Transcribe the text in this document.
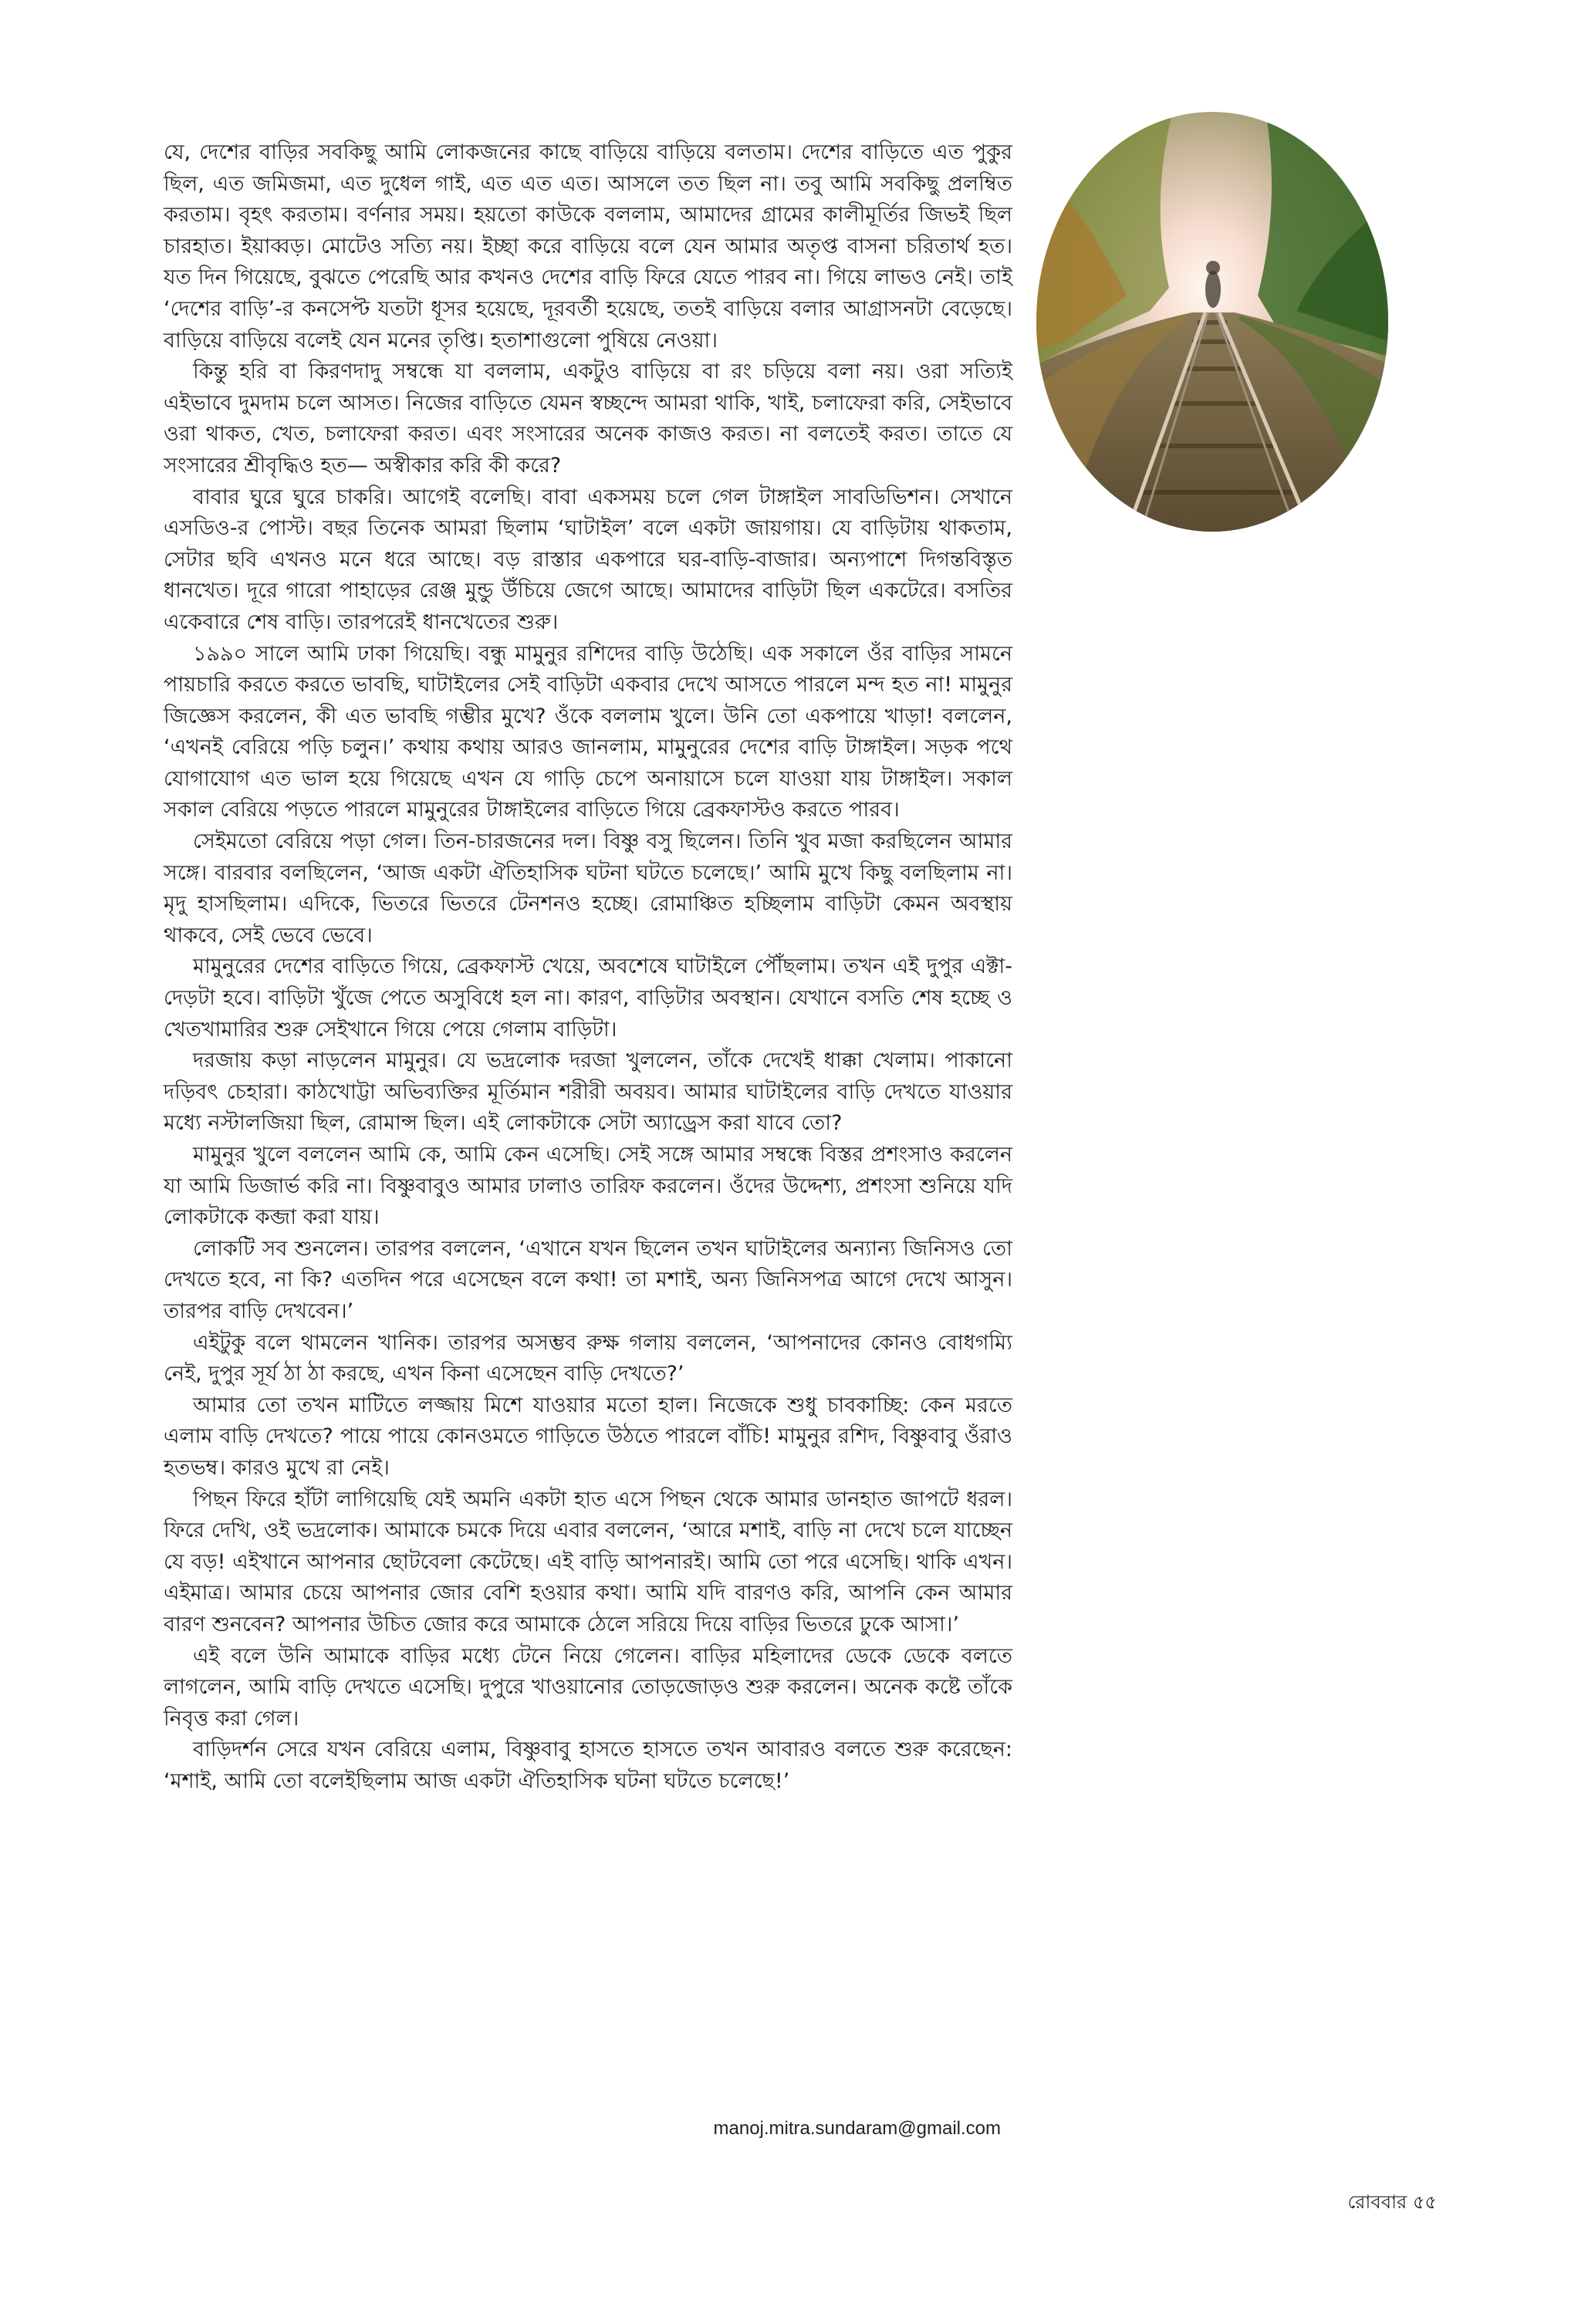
যে, দেশের বাড়ির সবকিছু আমি লোকজনের কাছে বাড়িয়ে বাড়িয়ে বলতাম। দেশের বাড়িতে এত পুকুর ছিল, এত জমিজমা, এত দুধেল গাই, এত এত এত। আসলে তত ছিল না। তবু আমি সবকিছু প্রলম্বিত করতাম। বৃহৎ করতাম। বর্ণনার সময়। হয়তো কাউকে বললাম, আমাদের গ্রামের কালীমূর্তির জিভই ছিল চারহাত। ইয়াব্বড়। মোটেও সত্যি নয়। ইচ্ছা করে বাড়িয়ে বলে যেন আমার অতৃপ্ত বাসনা চরিতার্থ হত। যত দিন গিয়েছে, বুঝতে পেরেছি আর কখনও দেশের বাড়ি ফিরে যেতে পারব না। গিয়ে লাভও নেই। তাই ‘দেশের বাড়ি’-র কনসেপ্ট যতটা ধূসর হয়েছে, দূরবর্তী হয়েছে, ততই বাড়িয়ে বলার আগ্রাসনটা বেড়েছে। বাড়িয়ে বাড়িয়ে বলেই যেন মনের তৃপ্তি। হতাশাগুলো পুষিয়ে নেওয়া।

কিন্তু হরি বা কিরণদাদু সম্বন্ধে যা বললাম, একটুও বাড়িয়ে বা রং চড়িয়ে বলা নয়। ওরা সত্যিই এইভাবে দুমদাম চলে আসত। নিজের বাড়িতে যেমন স্বচ্ছন্দে আমরা থাকি, খাই, চলাফেরা করি, সেইভাবে ওরা থাকত, খেত, চলাফেরা করত। এবং সংসারের অনেক কাজও করত। না বলতেই করত। তাতে যে সংসারের শ্রীবৃদ্ধিও হত— অস্বীকার করি কী করে?

বাবার ঘুরে ঘুরে চাকরি। আগেই বলেছি। বাবা একসময় চলে গেল টাঙ্গাইল সাবডিভিশন। সেখানে এসডিও-র পোস্ট। বছর তিনেক আমরা ছিলাম ‘ঘাটাইল’ বলে একটা জায়গায়। যে বাড়িটায় থাকতাম, সেটার ছবি এখনও মনে ধরে আছে। বড় রাস্তার একপারে ঘর-বাড়ি-বাজার। অন্যপাশে দিগন্তবিস্তৃত ধানখেত। দূরে গারো পাহাড়ের রেঞ্জ মুন্ডু উঁচিয়ে জেগে আছে। আমাদের বাড়িটা ছিল একটেরে। বসতির একেবারে শেষ বাড়ি। তারপরেই ধানখেতের শুরু।

১৯৯০ সালে আমি ঢাকা গিয়েছি। বন্ধু মামুনুর রশিদের বাড়ি উঠেছি। এক সকালে ওঁর বাড়ির সামনে পায়চারি করতে করতে ভাবছি, ঘাটাইলের সেই বাড়িটা একবার দেখে আসতে পারলে মন্দ হত না! মামুনুর জিজ্ঞেস করলেন, কী এত ভাবছি গম্ভীর মুখে? ওঁকে বললাম খুলে। উনি তো একপায়ে খাড়া! বললেন, ‘এখনই বেরিয়ে পড়ি চলুন।’ কথায় কথায় আরও জানলাম, মামুনুরের দেশের বাড়ি টাঙ্গাইল। সড়ক পথে যোগাযোগ এত ভাল হয়ে গিয়েছে এখন যে গাড়ি চেপে অনায়াসে চলে যাওয়া যায় টাঙ্গাইল। সকাল সকাল বেরিয়ে পড়তে পারলে মামুনুরের টাঙ্গাইলের বাড়িতে গিয়ে ব্রেকফাস্টও করতে পারব।

সেইমতো বেরিয়ে পড়া গেল। তিন-চারজনের দল। বিষ্ণু বসু ছিলেন। তিনি খুব মজা করছিলেন আমার সঙ্গে। বারবার বলছিলেন, ‘আজ একটা ঐতিহাসিক ঘটনা ঘটতে চলেছে।’ আমি মুখে কিছু বলছিলাম না। মৃদু হাসছিলাম। এদিকে, ভিতরে ভিতরে টেনশনও হচ্ছে। রোমাঞ্চিত হচ্ছিলাম বাড়িটা কেমন অবস্থায় থাকবে, সেই ভেবে ভেবে।

মামুনুরের দেশের বাড়িতে গিয়ে, ব্রেকফাস্ট খেয়ে, অবশেষে ঘাটাইলে পৌঁছলাম। তখন এই দুপুর এক্টা-দেড়টা হবে। বাড়িটা খুঁজে পেতে অসুবিধে হল না। কারণ, বাড়িটার অবস্থান। যেখানে বসতি শেষ হচ্ছে ও খেতখামারির শুরু সেইখানে গিয়ে পেয়ে গেলাম বাড়িটা।

দরজায় কড়া নাড়লেন মামুনুর। যে ভদ্রলোক দরজা খুললেন, তাঁকে দেখেই ধাক্কা খেলাম। পাকানো দড়িবৎ চেহারা। কাঠখোট্টা অভিব্যক্তির মূর্তিমান শরীরী অবয়ব। আমার ঘাটাইলের বাড়ি দেখতে যাওয়ার মধ্যে নস্টালজিয়া ছিল, রোমান্স ছিল। এই লোকটাকে সেটা অ্যাড্রেস করা যাবে তো?

মামুনুর খুলে বললেন আমি কে, আমি কেন এসেছি। সেই সঙ্গে আমার সম্বন্ধে বিস্তর প্রশংসাও করলেন যা আমি ডিজার্ভ করি না। বিষ্ণুবাবুও আমার ঢালাও তারিফ করলেন। ওঁদের উদ্দেশ্য, প্রশংসা শুনিয়ে যদি লোকটাকে কব্জা করা যায়।

লোকটি সব শুনলেন। তারপর বললেন, ‘এখানে যখন ছিলেন তখন ঘাটাইলের অন্যান্য জিনিসও তো দেখতে হবে, না কি? এতদিন পরে এসেছেন বলে কথা! তা মশাই, অন্য জিনিসপত্র আগে দেখে আসুন। তারপর বাড়ি দেখবেন।’

এইটুকু বলে থামলেন খানিক। তারপর অসম্ভব রুক্ষ গলায় বললেন, ‘আপনাদের কোনও বোধগম্যি নেই, দুপুর সূর্য ঠা ঠা করছে, এখন কিনা এসেছেন বাড়ি দেখতে?’

আমার তো তখন মাটিতে লজ্জায় মিশে যাওয়ার মতো হাল। নিজেকে শুধু চাবকাচ্ছি: কেন মরতে এলাম বাড়ি দেখতে? পায়ে পায়ে কোনওমতে গাড়িতে উঠতে পারলে বাঁচি! মামুনুর রশিদ, বিষ্ণুবাবু ওঁরাও হতভম্ব। কারও মুখে রা নেই।

পিছন ফিরে হাঁটা লাগিয়েছি যেই অমনি একটা হাত এসে পিছন থেকে আমার ডানহাত জাপটে ধরল। ফিরে দেখি, ওই ভদ্রলোক। আমাকে চমকে দিয়ে এবার বললেন, ‘আরে মশাই, বাড়ি না দেখে চলে যাচ্ছেন যে বড়! এইখানে আপনার ছোটবেলা কেটেছে। এই বাড়ি আপনারই। আমি তো পরে এসেছি। থাকি এখন। এইমাত্র। আমার চেয়ে আপনার জোর বেশি হওয়ার কথা। আমি যদি বারণও করি, আপনি কেন আমার বারণ শুনবেন? আপনার উচিত জোর করে আমাকে ঠেলে সরিয়ে দিয়ে বাড়ির ভিতরে ঢুকে আসা।’

এই বলে উনি আমাকে বাড়ির মধ্যে টেনে নিয়ে গেলেন। বাড়ির মহিলাদের ডেকে ডেকে বলতে লাগলেন, আমি বাড়ি দেখতে এসেছি। দুপুরে খাওয়ানোর তোড়জোড়ও শুরু করলেন। অনেক কষ্টে তাঁকে নিবৃত্ত করা গেল।

বাড়িদর্শন সেরে যখন বেরিয়ে এলাম, বিষ্ণুবাবু হাসতে হাসতে তখন আবারও বলতে শুরু করেছেন: ‘মশাই, আমি তো বলেইছিলাম আজ একটা ঐতিহাসিক ঘটনা ঘটতে চলেছে!’

manoj.mitra.sundaram@gmail.com
রোববার ৫৫
